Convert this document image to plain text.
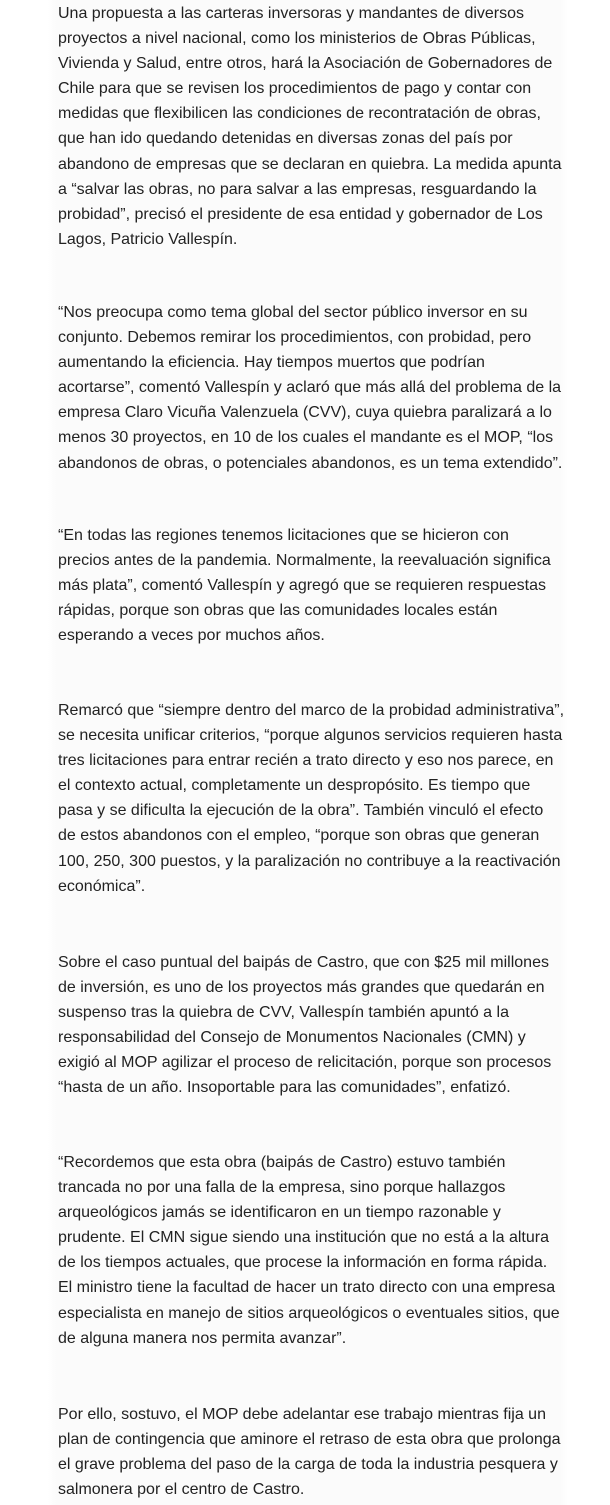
Una propuesta a las carteras inversoras y mandantes de diversos proyectos a nivel nacional, como los ministerios de Obras Públicas, Vivienda y Salud, entre otros, hará la Asociación de Gobernadores de Chile para que se revisen los procedimientos de pago y contar con medidas que flexibilicen las condiciones de recontratación de obras, que han ido quedando detenidas en diversas zonas del país por abandono de empresas que se declaran en quiebra. La medida apunta a “salvar las obras, no para salvar a las empresas, resguardando la probidad”, precisó el presidente de esa entidad y gobernador de Los Lagos, Patricio Vallespín.

“Nos preocupa como tema global del sector público inversor en su conjunto. Debemos remirar los procedimientos, con probidad, pero aumentando la eficiencia. Hay tiempos muertos que podrían acortarse”, comentó Vallespín y aclaró que más allá del problema de la empresa Claro Vicuña Valenzuela (CVV), cuya quiebra paralizará a lo menos 30 proyectos, en 10 de los cuales el mandante es el MOP, “los abandonos de obras, o potenciales abandonos, es un tema extendido”.

“En todas las regiones tenemos licitaciones que se hicieron con precios antes de la pandemia. Normalmente, la reevaluación significa más plata”, comentó Vallespín y agregó que se requieren respuestas rápidas, porque son obras que las comunidades locales están esperando a veces por muchos años.

Remarcó que “siempre dentro del marco de la probidad administrativa”, se necesita unificar criterios, “porque algunos servicios requieren hasta tres licitaciones para entrar recién a trato directo y eso nos parece, en el contexto actual, completamente un despropósito. Es tiempo que pasa y se dificulta la ejecución de la obra”. También vinculó el efecto de estos abandonos con el empleo, “porque son obras que generan 100, 250, 300 puestos, y la paralización no contribuye a la reactivación económica”.

Sobre el caso puntual del baipás de Castro, que con $25 mil millones de inversión, es uno de los proyectos más grandes que quedarán en suspenso tras la quiebra de CVV, Vallespín también apuntó a la responsabilidad del Consejo de Monumentos Nacionales (CMN) y exigió al MOP agilizar el proceso de relicitación, porque son procesos “hasta de un año. Insoportable para las comunidades”, enfatizó.

“Recordemos que esta obra (baipás de Castro) estuvo también trancada no por una falla de la empresa, sino porque hallazgos arqueológicos jamás se identificaron en un tiempo razonable y prudente. El CMN sigue siendo una institución que no está a la altura de los tiempos actuales, que procese la información en forma rápida. El ministro tiene la facultad de hacer un trato directo con una empresa especialista en manejo de sitios arqueológicos o eventuales sitios, que de alguna manera nos permita avanzar”.

Por ello, sostuvo, el MOP debe adelantar ese trabajo mientras fija un plan de contingencia que aminore el retraso de esta obra que prolonga el grave problema del paso de la carga de toda la industria pesquera y salmonera por el centro de Castro.
